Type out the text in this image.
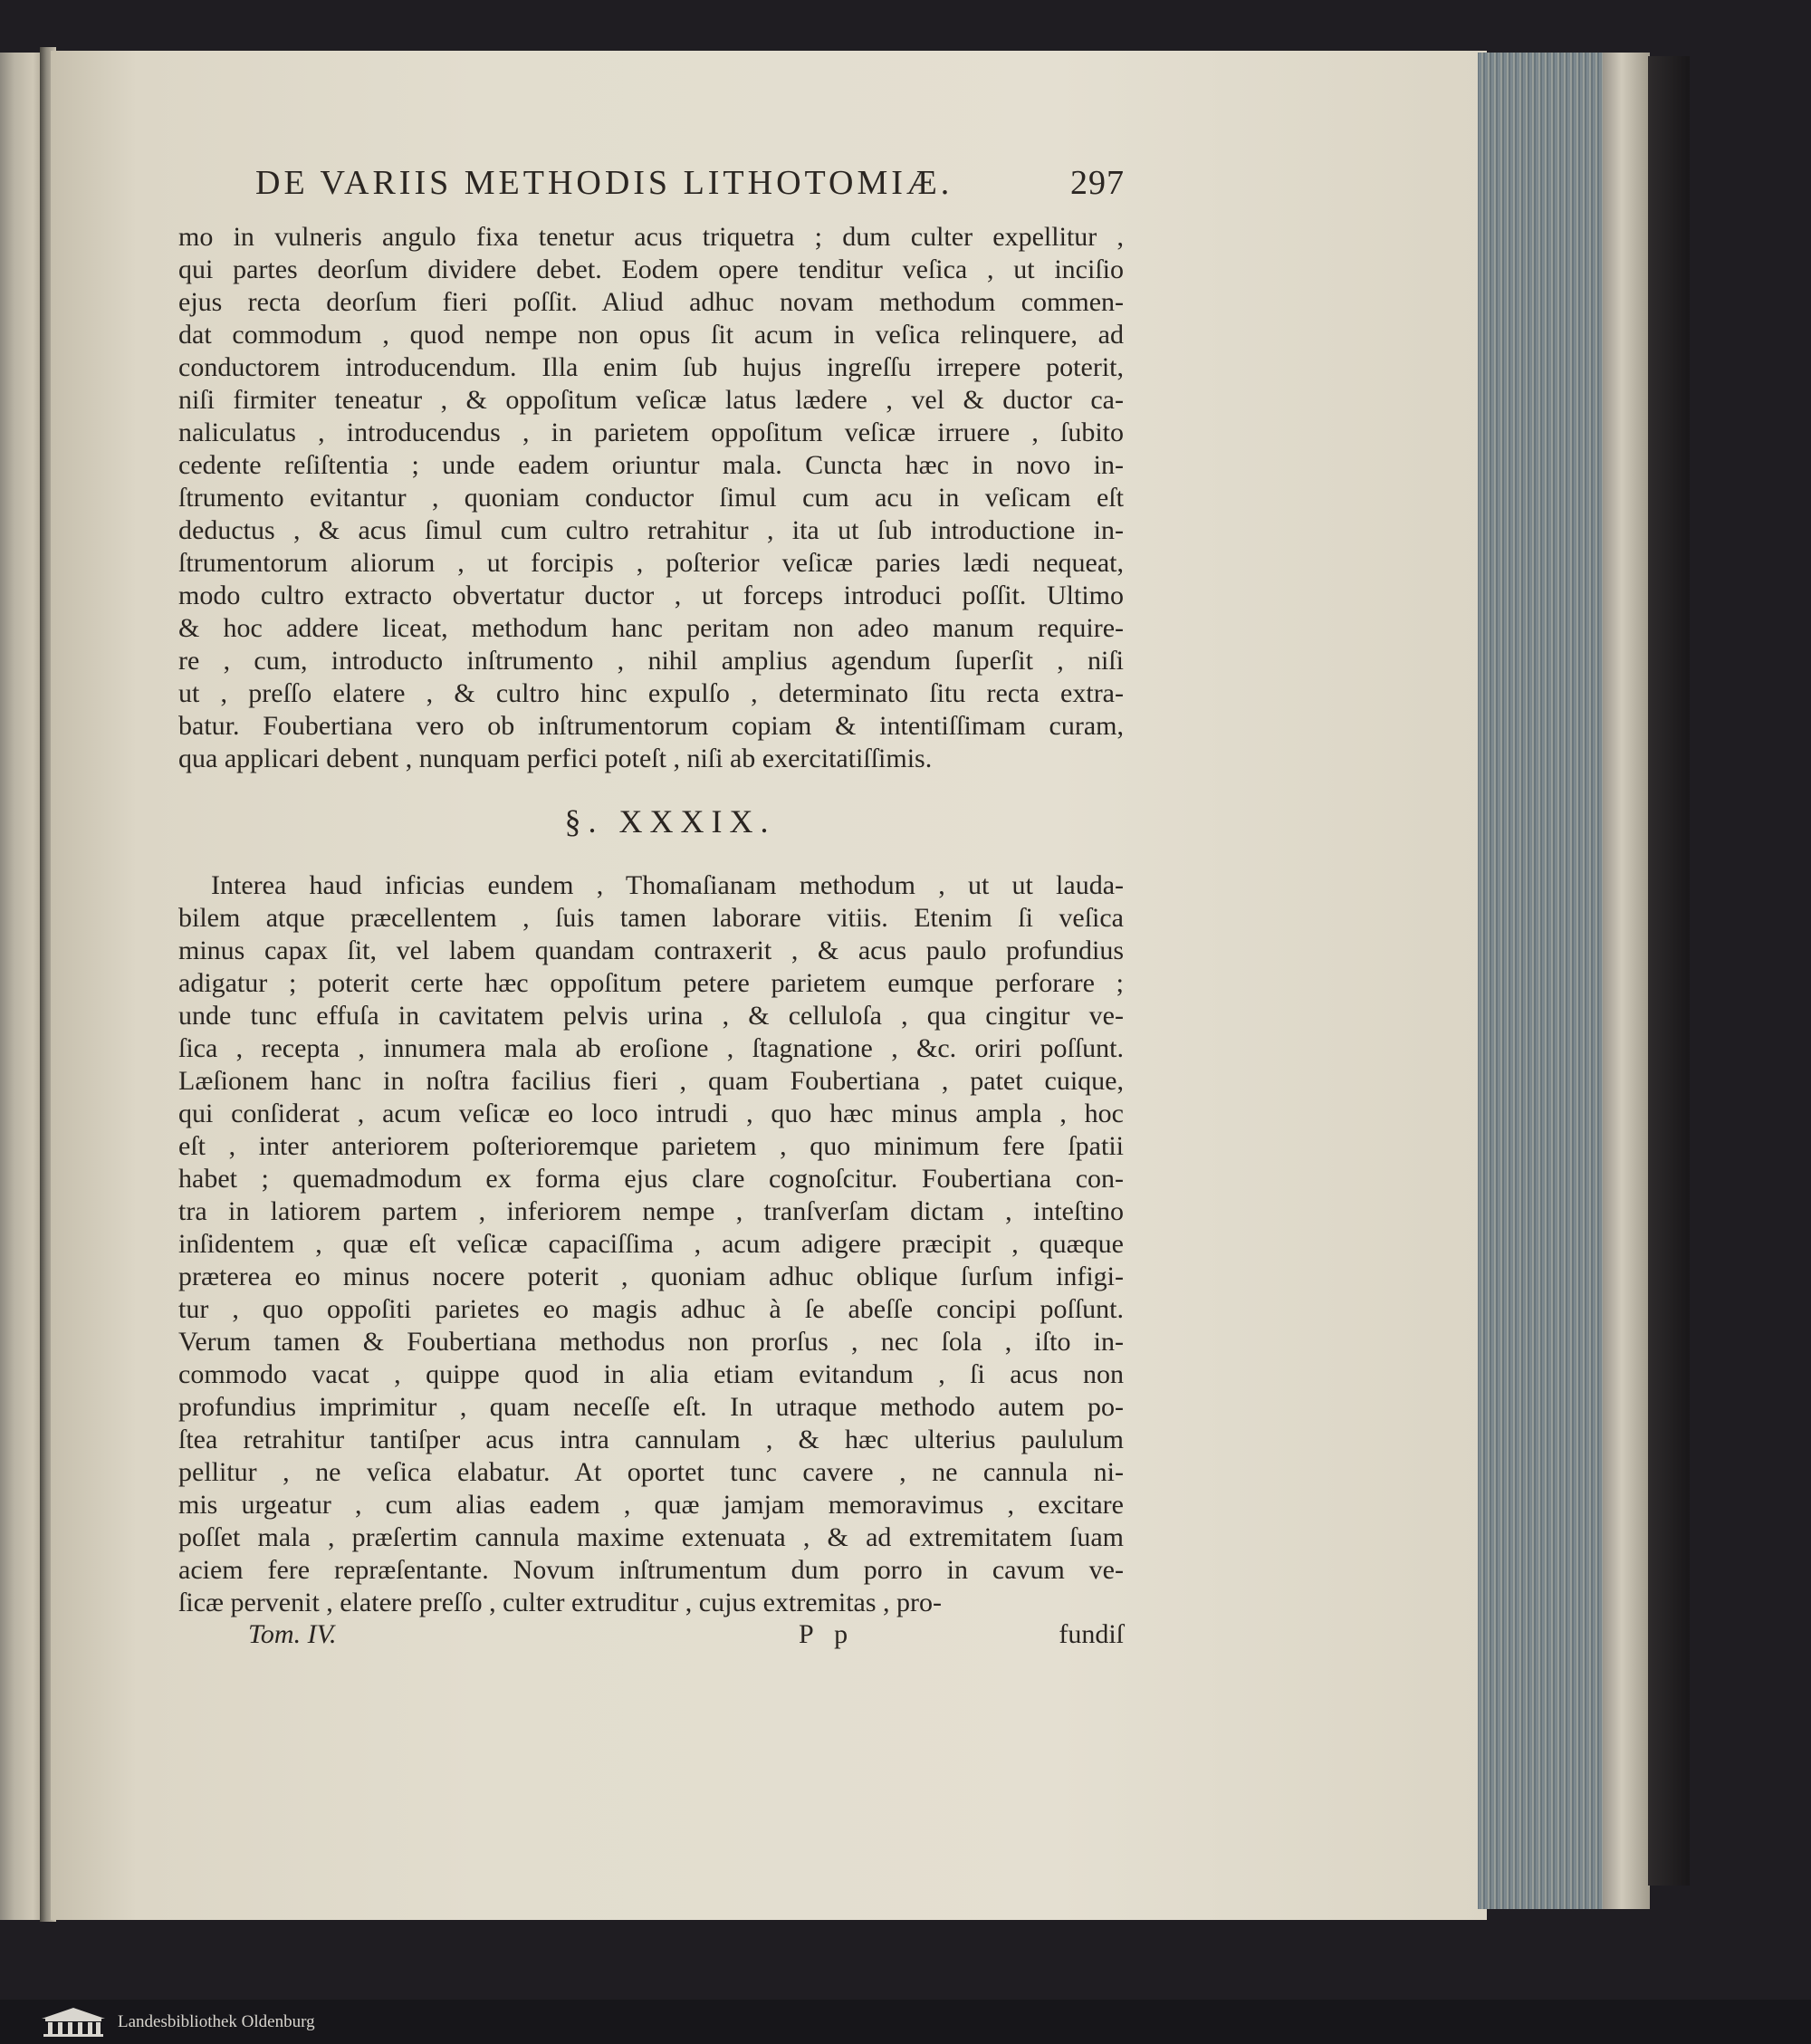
DE VARIIS METHODIS LITHOTOMIÆ.	297
mo in vulneris angulo fixa tenetur acus triquetra ; dum culter expellitur ,
qui partes deorſum dividere debet. Eodem opere tenditur veſica , ut inciſio
ejus recta deorſum fieri poſſit. Aliud adhuc novam methodum commen-
dat commodum , quod nempe non opus ſit acum in veſica relinquere, ad
conductorem introducendum. Illa enim ſub hujus ingreſſu irrepere poterit,
niſi firmiter teneatur , & oppoſitum veſicæ latus lædere , vel & ductor ca-
naliculatus , introducendus , in parietem oppoſitum veſicæ irruere , ſubito
cedente reſiſtentia ; unde eadem oriuntur mala. Cuncta hæc in novo in-
ſtrumento evitantur , quoniam conductor ſimul cum acu in veſicam eſt
deductus , & acus ſimul cum cultro retrahitur , ita ut ſub introductione in-
ſtrumentorum aliorum , ut forcipis , poſterior veſicæ paries lædi nequeat,
modo cultro extracto obvertatur ductor , ut forceps introduci poſſit. Ultimo
& hoc addere liceat, methodum hanc peritam non adeo manum require-
re , cum, introducto inſtrumento , nihil amplius agendum ſuperſit , niſi
ut , preſſo elatere , & cultro hinc expulſo , determinato ſitu recta extra-
batur. Foubertiana vero ob inſtrumentorum copiam & intentiſſimam curam,
qua applicari debent , nunquam perfici poteſt , niſi ab exercitatiſſimis.
§. XXXIX.
Interea haud inficias eundem , Thomaſianam methodum , ut ut lauda-
bilem atque præcellentem , ſuis tamen laborare vitiis. Etenim ſi veſica
minus capax ſit, vel labem quandam contraxerit , & acus paulo profundius
adigatur ; poterit certe hæc oppoſitum petere parietem eumque perforare ;
unde tunc effuſa in cavitatem pelvis urina , & celluloſa , qua cingitur ve-
ſica , recepta , innumera mala ab eroſione , ſtagnatione , &c. oriri poſſunt.
Læſionem hanc in noſtra facilius fieri , quam Foubertiana , patet cuique,
qui conſiderat , acum veſicæ eo loco intrudi , quo hæc minus ampla , hoc
eſt , inter anteriorem poſterioremque parietem , quo minimum fere ſpatii
habet ; quemadmodum ex forma ejus clare cognoſcitur. Foubertiana con-
tra in latiorem partem , inferiorem nempe , tranſverſam dictam , inteſtino
inſidentem , quæ eſt veſicæ capaciſſima , acum adigere præcipit , quæque
præterea eo minus nocere poterit , quoniam adhuc oblique ſurſum infigi-
tur , quo oppoſiti parietes eo magis adhuc à ſe abeſſe concipi poſſunt.
Verum tamen & Foubertiana methodus non prorſus , nec ſola , iſto in-
commodo vacat , quippe quod in alia etiam evitandum , ſi acus non
profundius imprimitur , quam neceſſe eſt. In utraque methodo autem po-
ſtea retrahitur tantiſper acus intra cannulam , & hæc ulterius paululum
pellitur , ne veſica elabatur. At oportet tunc cavere , ne cannula ni-
mis urgeatur , cum alias eadem , quæ jamjam memoravimus , excitare
poſſet mala , præſertim cannula maxime extenuata , & ad extremitatem ſuam
aciem fere repræſentante. Novum inſtrumentum dum porro in cavum ve-
ſicæ pervenit , elatere preſſo , culter extruditur , cujus extremitas , pro-
Tom. IV.	P p	fundiſ
Landesbibliothek Oldenburg
